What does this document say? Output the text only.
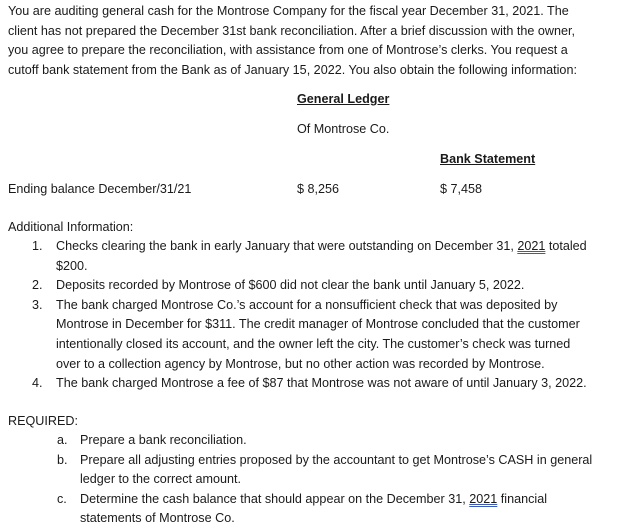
You are auditing general cash for the Montrose Company for the fiscal year December 31, 2021. The
client has not prepared the December 31st bank reconciliation. After a brief discussion with the owner,
you agree to prepare the reconciliation, with assistance from one of Montrose’s clerks. You request a
cutoff bank statement from the Bank as of January 15, 2022. You also obtain the following information:
General Ledger
Of Montrose Co.
Bank Statement
Ending balance December/31/21	$ 8,256	$ 7,458
Additional Information:
1. Checks clearing the bank in early January that were outstanding on December 31, 2021 totaled
$200.
2. Deposits recorded by Montrose of $600 did not clear the bank until January 5, 2022.
3. The bank charged Montrose Co.’s account for a nonsufficient check that was deposited by
Montrose in December for $311. The credit manager of Montrose concluded that the customer
intentionally closed its account, and the owner left the city. The customer’s check was turned
over to a collection agency by Montrose, but no other action was recorded by Montrose.
4. The bank charged Montrose a fee of $87 that Montrose was not aware of until January 3, 2022.
REQUIRED:
a. Prepare a bank reconciliation.
b. Prepare all adjusting entries proposed by the accountant to get Montrose’s CASH in general
ledger to the correct amount.
c. Determine the cash balance that should appear on the December 31, 2021 financial
statements of Montrose Co.
